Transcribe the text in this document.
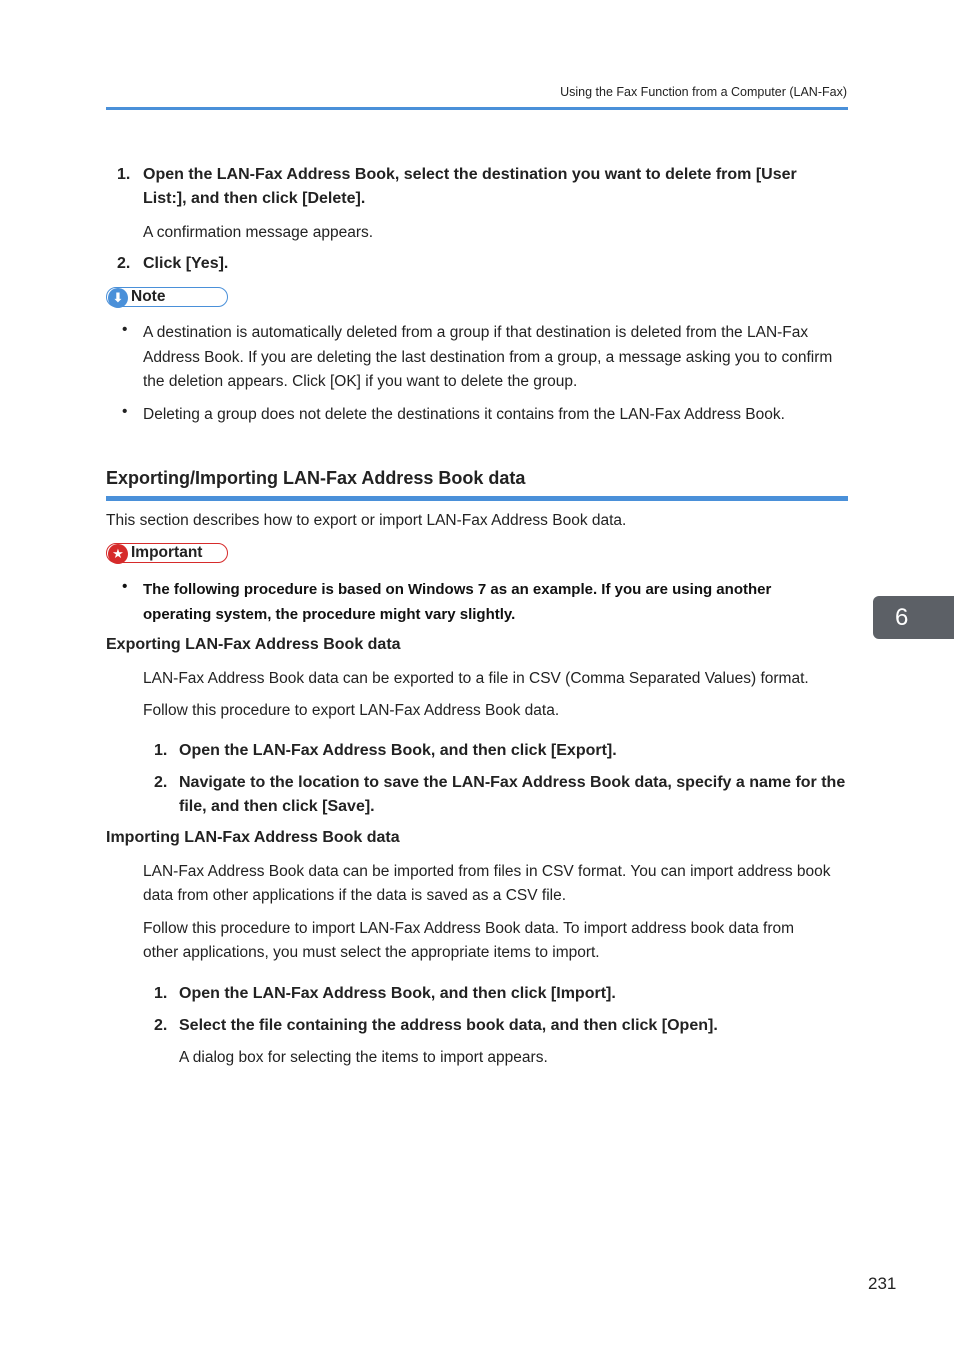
Using the Fax Function from a Computer (LAN-Fax)
1. Open the LAN-Fax Address Book, select the destination you want to delete from [User List:], and then click [Delete].
A confirmation message appears.
2. Click [Yes].
⬇ Note
• A destination is automatically deleted from a group if that destination is deleted from the LAN-Fax Address Book. If you are deleting the last destination from a group, a message asking you to confirm the deletion appears. Click [OK] if you want to delete the group.
• Deleting a group does not delete the destinations it contains from the LAN-Fax Address Book.
Exporting/Importing LAN-Fax Address Book data
This section describes how to export or import LAN-Fax Address Book data.
★ Important
• The following procedure is based on Windows 7 as an example. If you are using another operating system, the procedure might vary slightly.
Exporting LAN-Fax Address Book data
LAN-Fax Address Book data can be exported to a file in CSV (Comma Separated Values) format.
Follow this procedure to export LAN-Fax Address Book data.
1. Open the LAN-Fax Address Book, and then click [Export].
2. Navigate to the location to save the LAN-Fax Address Book data, specify a name for the file, and then click [Save].
Importing LAN-Fax Address Book data
LAN-Fax Address Book data can be imported from files in CSV format. You can import address book data from other applications if the data is saved as a CSV file.
Follow this procedure to import LAN-Fax Address Book data. To import address book data from other applications, you must select the appropriate items to import.
1. Open the LAN-Fax Address Book, and then click [Import].
2. Select the file containing the address book data, and then click [Open].
A dialog box for selecting the items to import appears.
6
231
